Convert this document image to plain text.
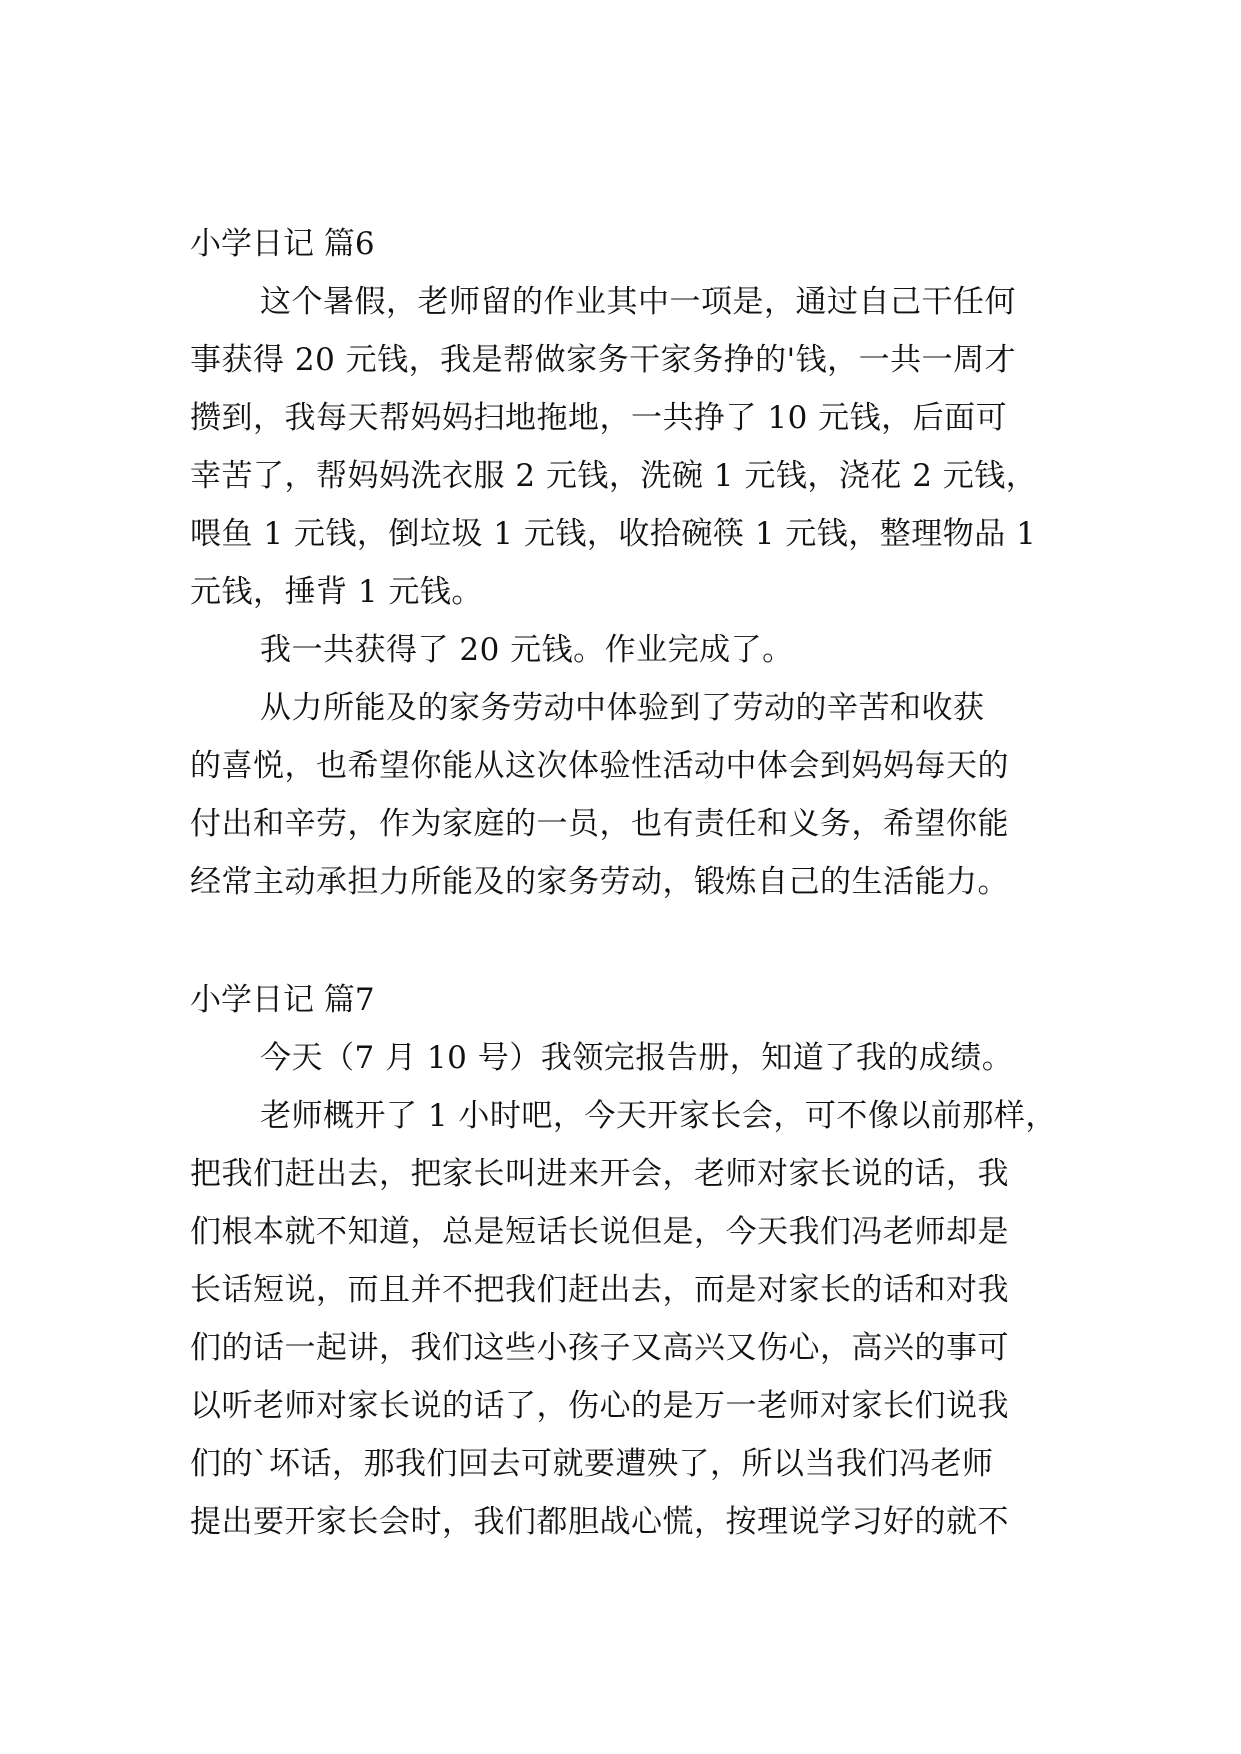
小学日记 篇6
这个暑假，老师留的作业其中一项是，通过自己干任何
事获得 20 元钱，我是帮做家务干家务挣的'钱，一共一周才
攒到，我每天帮妈妈扫地拖地，一共挣了 10 元钱，后面可
幸苦了，帮妈妈洗衣服 2 元钱，洗碗 1 元钱，浇花 2 元钱，
喂鱼 1 元钱，倒垃圾 1 元钱，收拾碗筷 1 元钱，整理物品 1
元钱，捶背 1 元钱。
我一共获得了 20 元钱。作业完成了。
从力所能及的家务劳动中体验到了劳动的辛苦和收获
的喜悦，也希望你能从这次体验性活动中体会到妈妈每天的
付出和辛劳，作为家庭的一员，也有责任和义务，希望你能
经常主动承担力所能及的家务劳动，锻炼自己的生活能力。
小学日记 篇7
今天（7 月 10 号）我领完报告册，知道了我的成绩。
老师概开了 1 小时吧，今天开家长会，可不像以前那样，
把我们赶出去，把家长叫进来开会，老师对家长说的话，我
们根本就不知道，总是短话长说但是，今天我们冯老师却是
长话短说，而且并不把我们赶出去，而是对家长的话和对我
们的话一起讲，我们这些小孩子又高兴又伤心，高兴的事可
以听老师对家长说的话了，伤心的是万一老师对家长们说我
们的`坏话，那我们回去可就要遭殃了，所以当我们冯老师
提出要开家长会时，我们都胆战心慌，按理说学习好的就不
